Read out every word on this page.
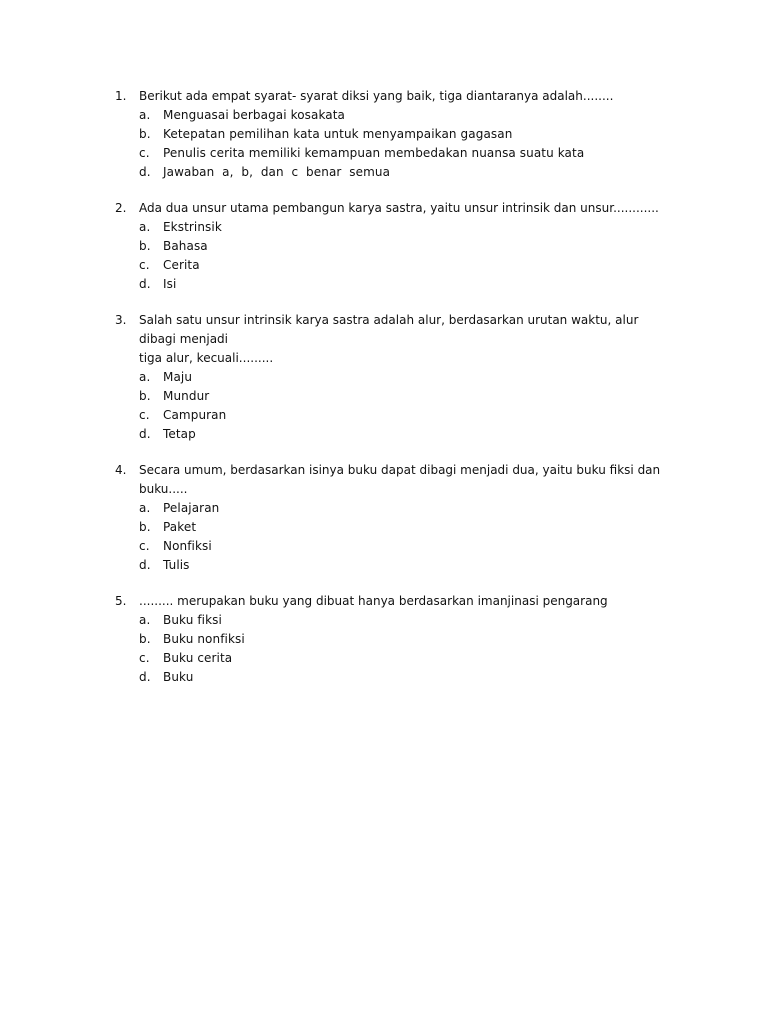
1.	Berikut ada empat syarat- syarat diksi yang baik, tiga diantaranya adalah........
a.	Menguasai berbagai kosakata
b.	Ketepatan pemilihan kata untuk menyampaikan gagasan
c.	Penulis cerita memiliki kemampuan membedakan nuansa suatu kata
d.	Jawaban  a,  b,  dan  c  benar  semua
2.	Ada dua unsur utama pembangun karya sastra, yaitu unsur intrinsik dan unsur............
a.	Ekstrinsik
b.	Bahasa
c.	Cerita
d.	Isi
3.	Salah satu unsur intrinsik karya sastra adalah alur, berdasarkan urutan waktu, alur dibagi menjadi
tiga alur, kecuali.........
a.	Maju
b.	Mundur
c.	Campuran
d.	Tetap
4.	Secara umum, berdasarkan isinya buku dapat dibagi menjadi dua, yaitu buku fiksi dan buku.....
a.	Pelajaran
b.	Paket
c.	Nonfiksi
d.	Tulis
5.	......... merupakan buku yang dibuat hanya berdasarkan imanjinasi pengarang
a.	Buku fiksi
b.	Buku nonfiksi
c.	Buku cerita
d.	Buku
